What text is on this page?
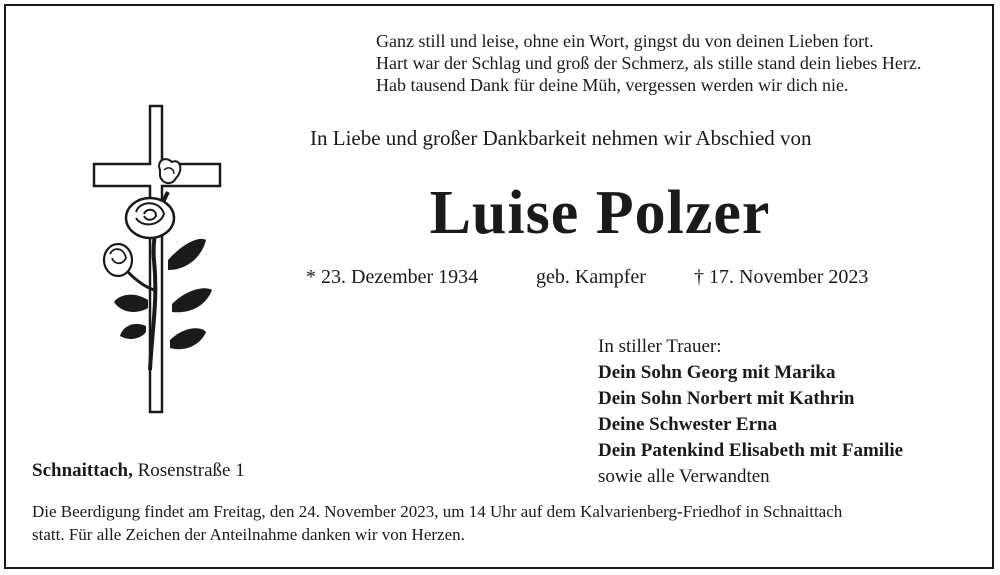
Ganz still und leise, ohne ein Wort, gingst du von deinen Lieben fort.
Hart war der Schlag und groß der Schmerz, als stille stand dein liebes Herz.
Hab tausend Dank für deine Müh, vergessen werden wir dich nie.
In Liebe und großer Dankbarkeit nehmen wir Abschied von
Luise Polzer
* 23. Dezember 1934	geb. Kampfer † 17. November 2023
In stiller Trauer:
Dein Sohn Georg mit Marika
Dein Sohn Norbert mit Kathrin
Deine Schwester Erna
Dein Patenkind Elisabeth mit Familie
sowie alle Verwandten
Schnaittach, Rosenstraße 1
Die Beerdigung findet am Freitag, den 24. November 2023, um 14 Uhr auf dem Kalvarienberg-Friedhof in Schnaittach
statt. Für alle Zeichen der Anteilnahme danken wir von Herzen.
